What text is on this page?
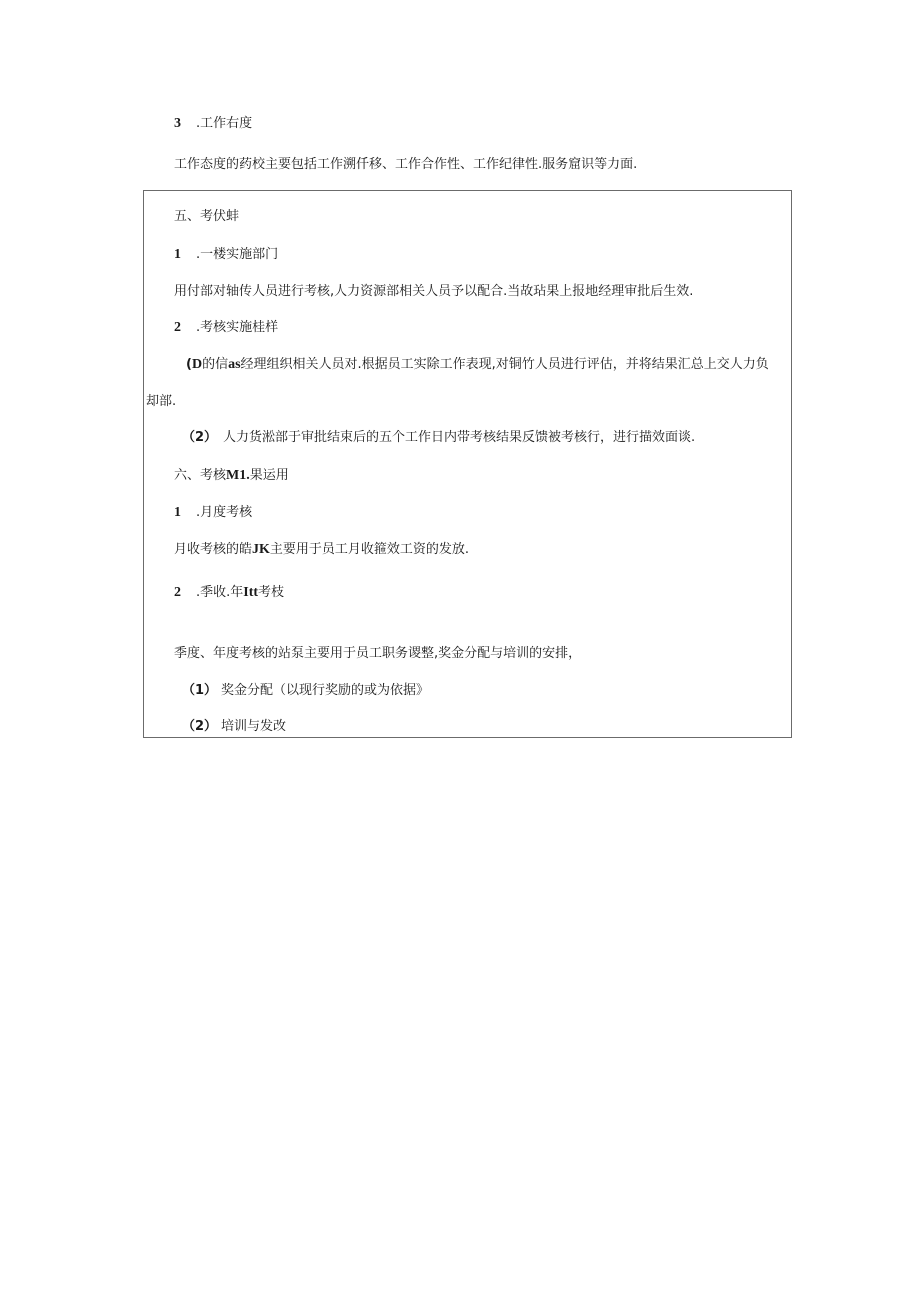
3 .工作右度

工作态度的药校主要包括工作溯仟移、工作合作性、工作纪律性.服务窟识等力面.

五、考伏蚌

1 .一楼实施部门

用付部对轴传人员进行考核,人力资源部相关人员予以配合.当故玷果上报地经理审批后生效.

2 .考核实施桂样
(D的信as经理组织相关人员对.根据员工实除工作表现,对铜竹人员进行评估，并将结果汇总上交人力负

却部.

（2） 人力货淞部于审批结束后的五个工作日内带考核结果反馈被考核行，进行描效面谈.
六、考核M1.果运用
1 .月度考核
月收考核的皓JK主要用于员工月收箍效工资的发放.
2 .季收.年Itt考枝

季度、年度考核的站泵主要用于员工职务谡整,奖金分配与培训的安排，

（1） 奖金分配（以现行奖励的或为依据》
（2） 培训与发改
